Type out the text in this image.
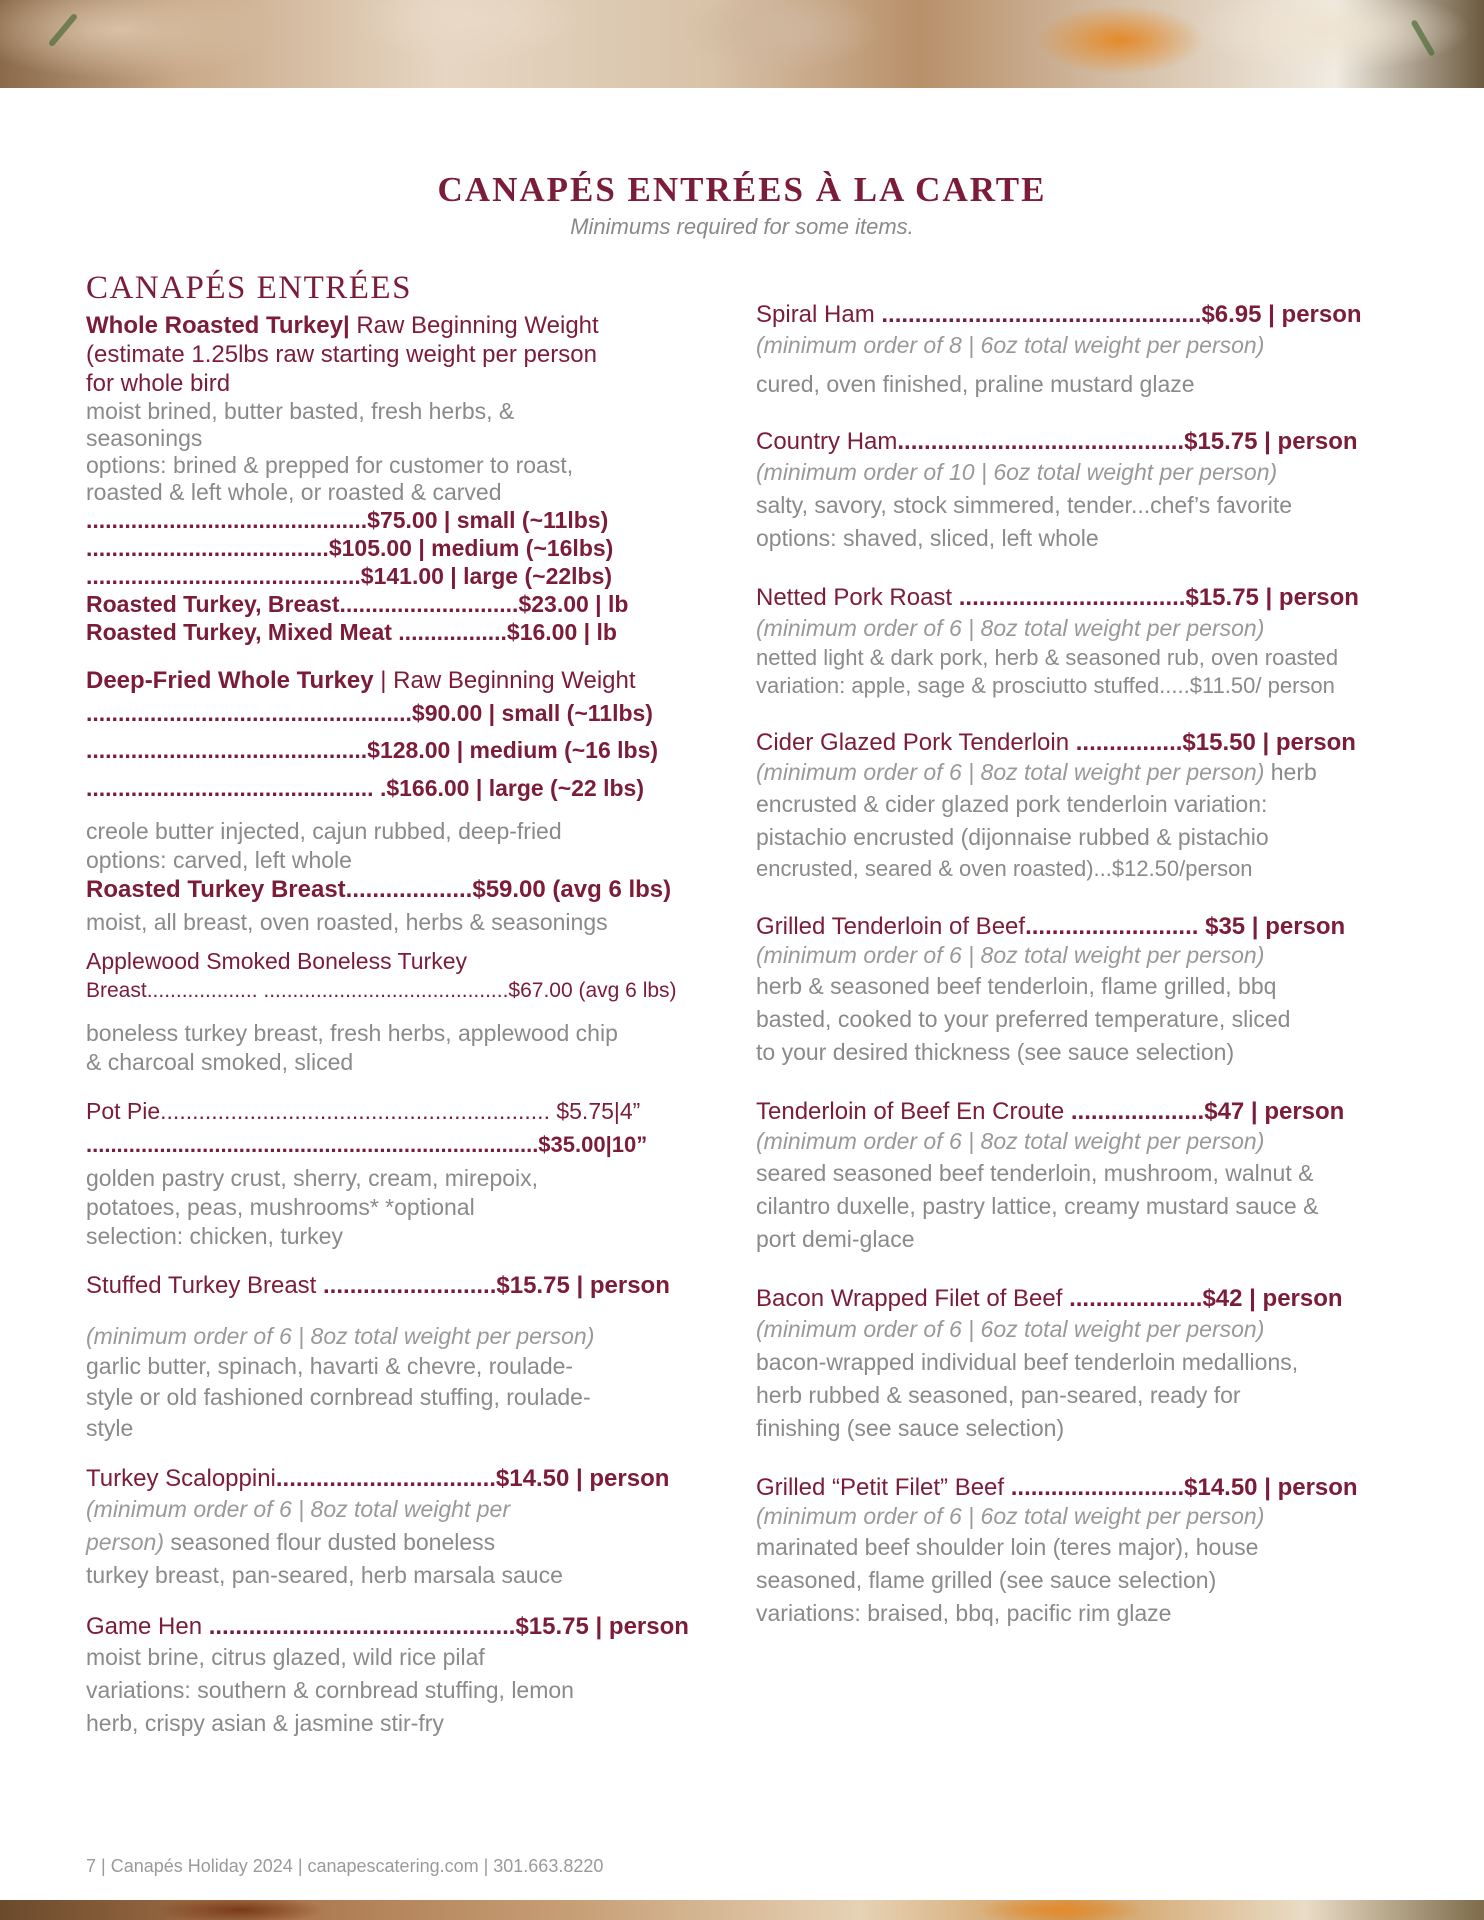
CANAPÉS ENTRÉES À LA CARTE
Minimums required for some items.
CANAPÉS ENTRÉES
Whole Roasted Turkey| Raw Beginning Weight
(estimate 1.25lbs raw starting weight per person
for whole bird
moist brined, butter basted, fresh herbs, &
seasonings
options: brined & prepped for customer to roast,
roasted & left whole, or roasted & carved
............................................$75.00 | small (~11lbs)
......................................$105.00 | medium (~16lbs)
...........................................$141.00 | large (~22lbs)
Roasted Turkey, Breast............................$23.00 | lb
Roasted Turkey, Mixed Meat .................$16.00 | lb
Deep-Fried Whole Turkey | Raw Beginning Weight
...................................................$90.00 | small (~11lbs)
............................................$128.00 | medium (~16 lbs)
............................................. .$166.00 | large (~22 lbs)
creole butter injected, cajun rubbed, deep-fried
options: carved, left whole
Roasted Turkey Breast...................$59.00 (avg 6 lbs)
moist, all breast, oven roasted, herbs & seasonings
Applewood Smoked Boneless Turkey
Breast................... ..........................................$67.00 (avg 6 lbs)
boneless turkey breast, fresh herbs, applewood chip
& charcoal smoked, sliced
Pot Pie............................................................. $5.75|4”
..........................................................................$35.00|10”
golden pastry crust, sherry, cream, mirepoix,
potatoes, peas, mushrooms* *optional
selection: chicken, turkey
Stuffed Turkey Breast ..........................$15.75 | person
(minimum order of 6 | 8oz total weight per person)
garlic butter, spinach, havarti & chevre, roulade-
style or old fashioned cornbread stuffing, roulade-
style
Turkey Scaloppini.................................$14.50 | person
(minimum order of 6 | 8oz total weight per
person) seasoned flour dusted boneless
turkey breast, pan-seared, herb marsala sauce
Game Hen ..............................................$15.75 | person
moist brine, citrus glazed, wild rice pilaf
variations: southern & cornbread stuffing, lemon
herb, crispy asian & jasmine stir-fry
Spiral Ham ................................................$6.95 | person
(minimum order of 8 | 6oz total weight per person)
cured, oven finished, praline mustard glaze
Country Ham...........................................$15.75 | person
(minimum order of 10 | 6oz total weight per person)
salty, savory, stock simmered, tender...chef’s favorite
options: shaved, sliced, left whole
Netted Pork Roast ..................................$15.75 | person
(minimum order of 6 | 8oz total weight per person)
netted light & dark pork, herb & seasoned rub, oven roasted
variation: apple, sage & prosciutto stuffed.....$11.50/ person
Cider Glazed Pork Tenderloin ................$15.50 | person
(minimum order of 6 | 8oz total weight per person) herb
encrusted & cider glazed pork tenderloin variation:
pistachio encrusted (dijonnaise rubbed & pistachio
encrusted, seared & oven roasted)...$12.50/person
Grilled Tenderloin of Beef.......................... $35 | person
(minimum order of 6 | 8oz total weight per person)
herb & seasoned beef tenderloin, flame grilled, bbq
basted, cooked to your preferred temperature, sliced
to your desired thickness (see sauce selection)
Tenderloin of Beef En Croute ....................$47 | person
(minimum order of 6 | 8oz total weight per person)
seared seasoned beef tenderloin, mushroom, walnut &
cilantro duxelle, pastry lattice, creamy mustard sauce &
port demi-glace
Bacon Wrapped Filet of Beef ....................$42 | person
(minimum order of 6 | 6oz total weight per person)
bacon-wrapped individual beef tenderloin medallions,
herb rubbed & seasoned, pan-seared, ready for
finishing (see sauce selection)
Grilled “Petit Filet” Beef ..........................$14.50 | person
(minimum order of 6 | 6oz total weight per person)
marinated beef shoulder loin (teres major), house
seasoned, flame grilled (see sauce selection)
variations: braised, bbq, pacific rim glaze
7 | Canapés Holiday 2024 | canapescatering.com | 301.663.8220
